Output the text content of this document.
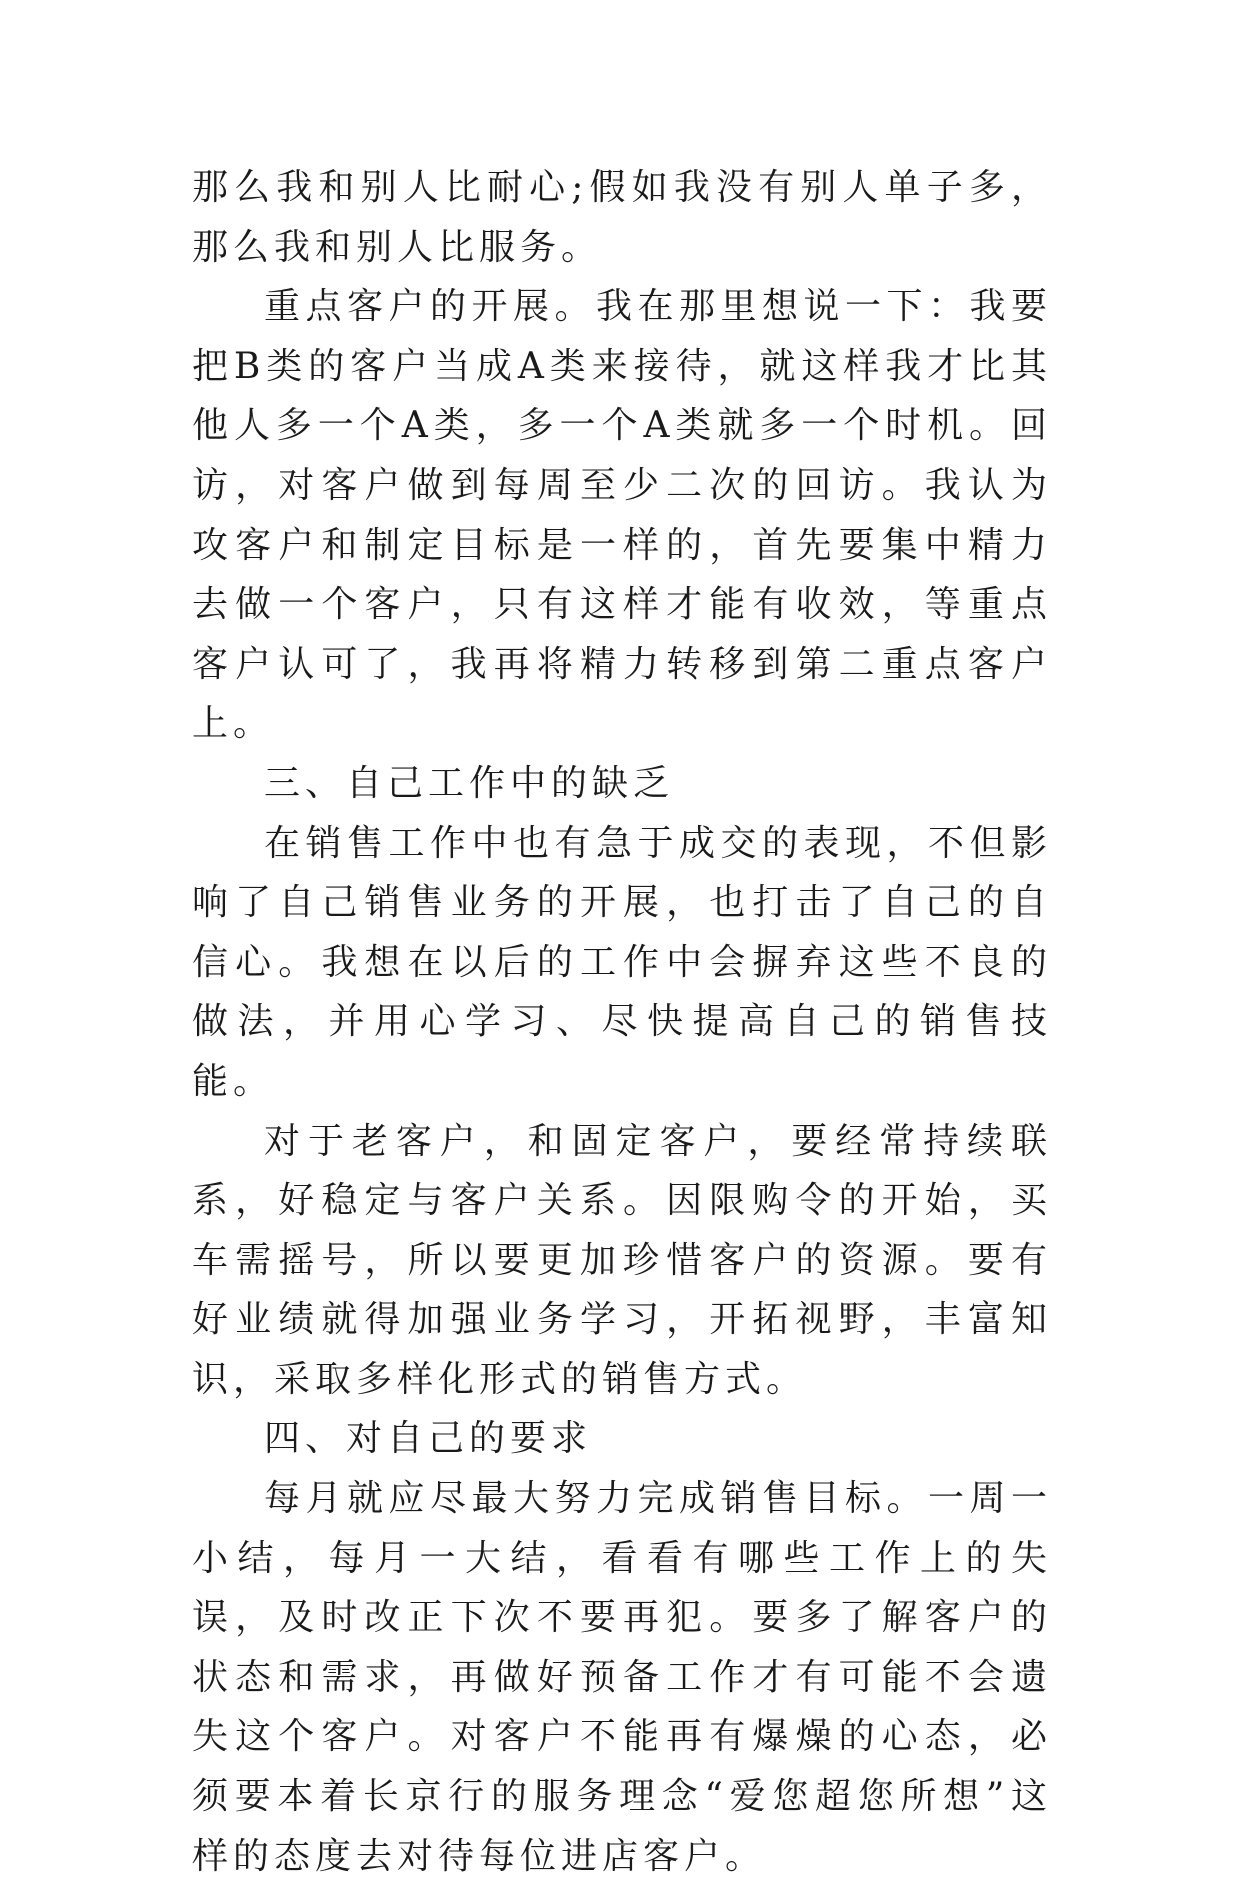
那么我和别人比耐心;假如我没有别人单子多，那么我和别人比服务。

重点客户的开展。我在那里想说一下：我要把B类的客户当成A类来接待，就这样我才比其他人多一个A类，多一个A类就多一个时机。回访，对客户做到每周至少二次的回访。我认为攻客户和制定目标是一样的，首先要集中精力去做一个客户，只有这样才能有收效，等重点客户认可了，我再将精力转移到第二重点客户上。

三、自己工作中的缺乏

在销售工作中也有急于成交的表现，不但影响了自己销售业务的开展，也打击了自己的自信心。我想在以后的工作中会摒弃这些不良的做法，并用心学习、尽快提高自己的销售技能。

对于老客户，和固定客户，要经常持续联系，好稳定与客户关系。因限购令的开始，买车需摇号，所以要更加珍惜客户的资源。要有好业绩就得加强业务学习，开拓视野，丰富知识，采取多样化形式的销售方式。

四、对自己的要求

每月就应尽最大努力完成销售目标。一周一小结，每月一大结，看看有哪些工作上的失误，及时改正下次不要再犯。要多了解客户的状态和需求，再做好预备工作才有可能不会遗失这个客户。对客户不能再有爆燥的心态，必须要本着长京行的服务理念“爱您超您所想”这样的态度去对待每位进店客户。
